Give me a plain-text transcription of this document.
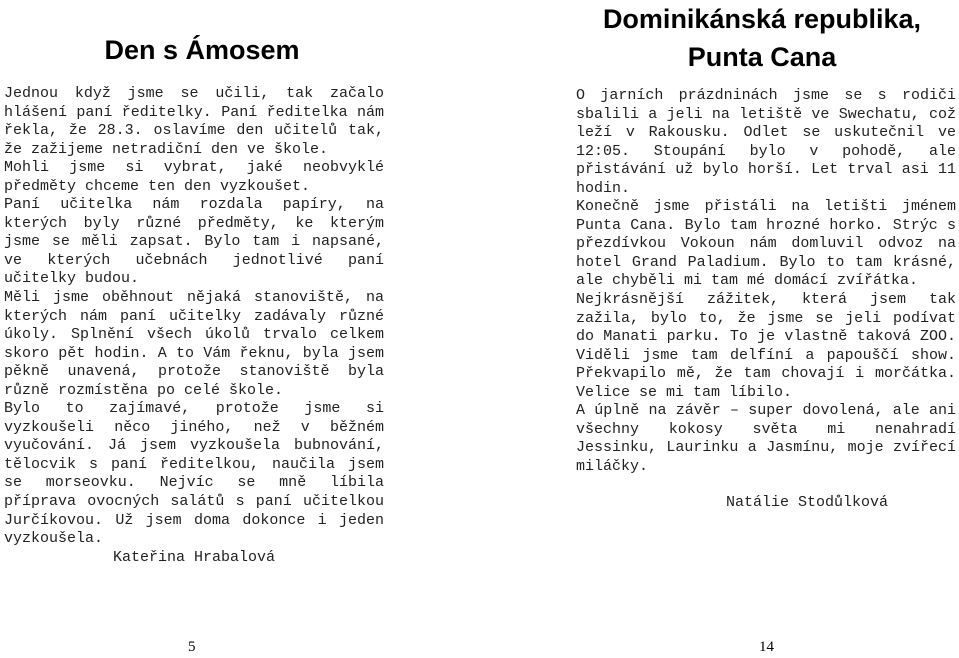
Den s Ámosem

Jednou když jsme se učili, tak začalo hlášení paní ředitelky. Paní ředitelka nám řekla, že 28.3. oslavíme den učitelů tak, že zažijeme netradiční den ve škole.

Mohli jsme si vybrat, jaké neobvyklé předměty chceme ten den vyzkoušet.

Paní učitelka nám rozdala papíry, na kterých byly různé předměty, ke kterým jsme se měli zapsat. Bylo tam i napsané, ve kterých učebnách jednotlivé paní učitelky budou.

Měli jsme oběhnout nějaká stanoviště, na kterých nám paní učitelky zadávaly různé úkoly. Splnění všech úkolů trvalo celkem skoro pět hodin. A to Vám řeknu, byla jsem pěkně unavená, protože stanoviště byla různě rozmístěna po celé škole.

Bylo to zajímavé, protože jsme si vyzkoušeli něco jiného, než v běžném vyučování. Já jsem vyzkoušela bubnování, tělocvik s paní ředitelkou, naučila jsem se morseovku. Nejvíc se mně líbila příprava ovocných salátů s paní učitelkou Jurčíkovou. Už jsem doma dokonce i jeden vyzkoušela.

Kateřina Hrabalová

Dominikánská republika,
Punta Cana

O jarních prázdninách jsme se s rodiči sbalili a jeli na letiště ve Swechatu, což leží v Rakousku. Odlet se uskutečnil ve 12:05. Stoupání bylo v pohodě, ale přistávání už bylo horší. Let trval asi 11 hodin.

Konečně jsme přistáli na letišti jménem Punta Cana. Bylo tam hrozné horko. Strýc s přezdívkou Vokoun nám domluvil odvoz na hotel Grand Paladium. Bylo to tam krásné, ale chyběli mi tam mé domácí zvířátka.

Nejkrásnější zážitek, která jsem tak zažila, bylo to, že jsme se jeli podívat do Manati parku. To je vlastně taková ZOO. Viděli jsme tam delfíní a papouščí show. Překvapilo mě, že tam chovají i morčátka. Velice se mi tam líbilo.

A úplně na závěr – super dovolená, ale ani všechny kokosy světa mi nenahradí Jessinku, Laurinku a Jasmínu, moje zvířecí miláčky.

Natálie Stodůlková

5	14
